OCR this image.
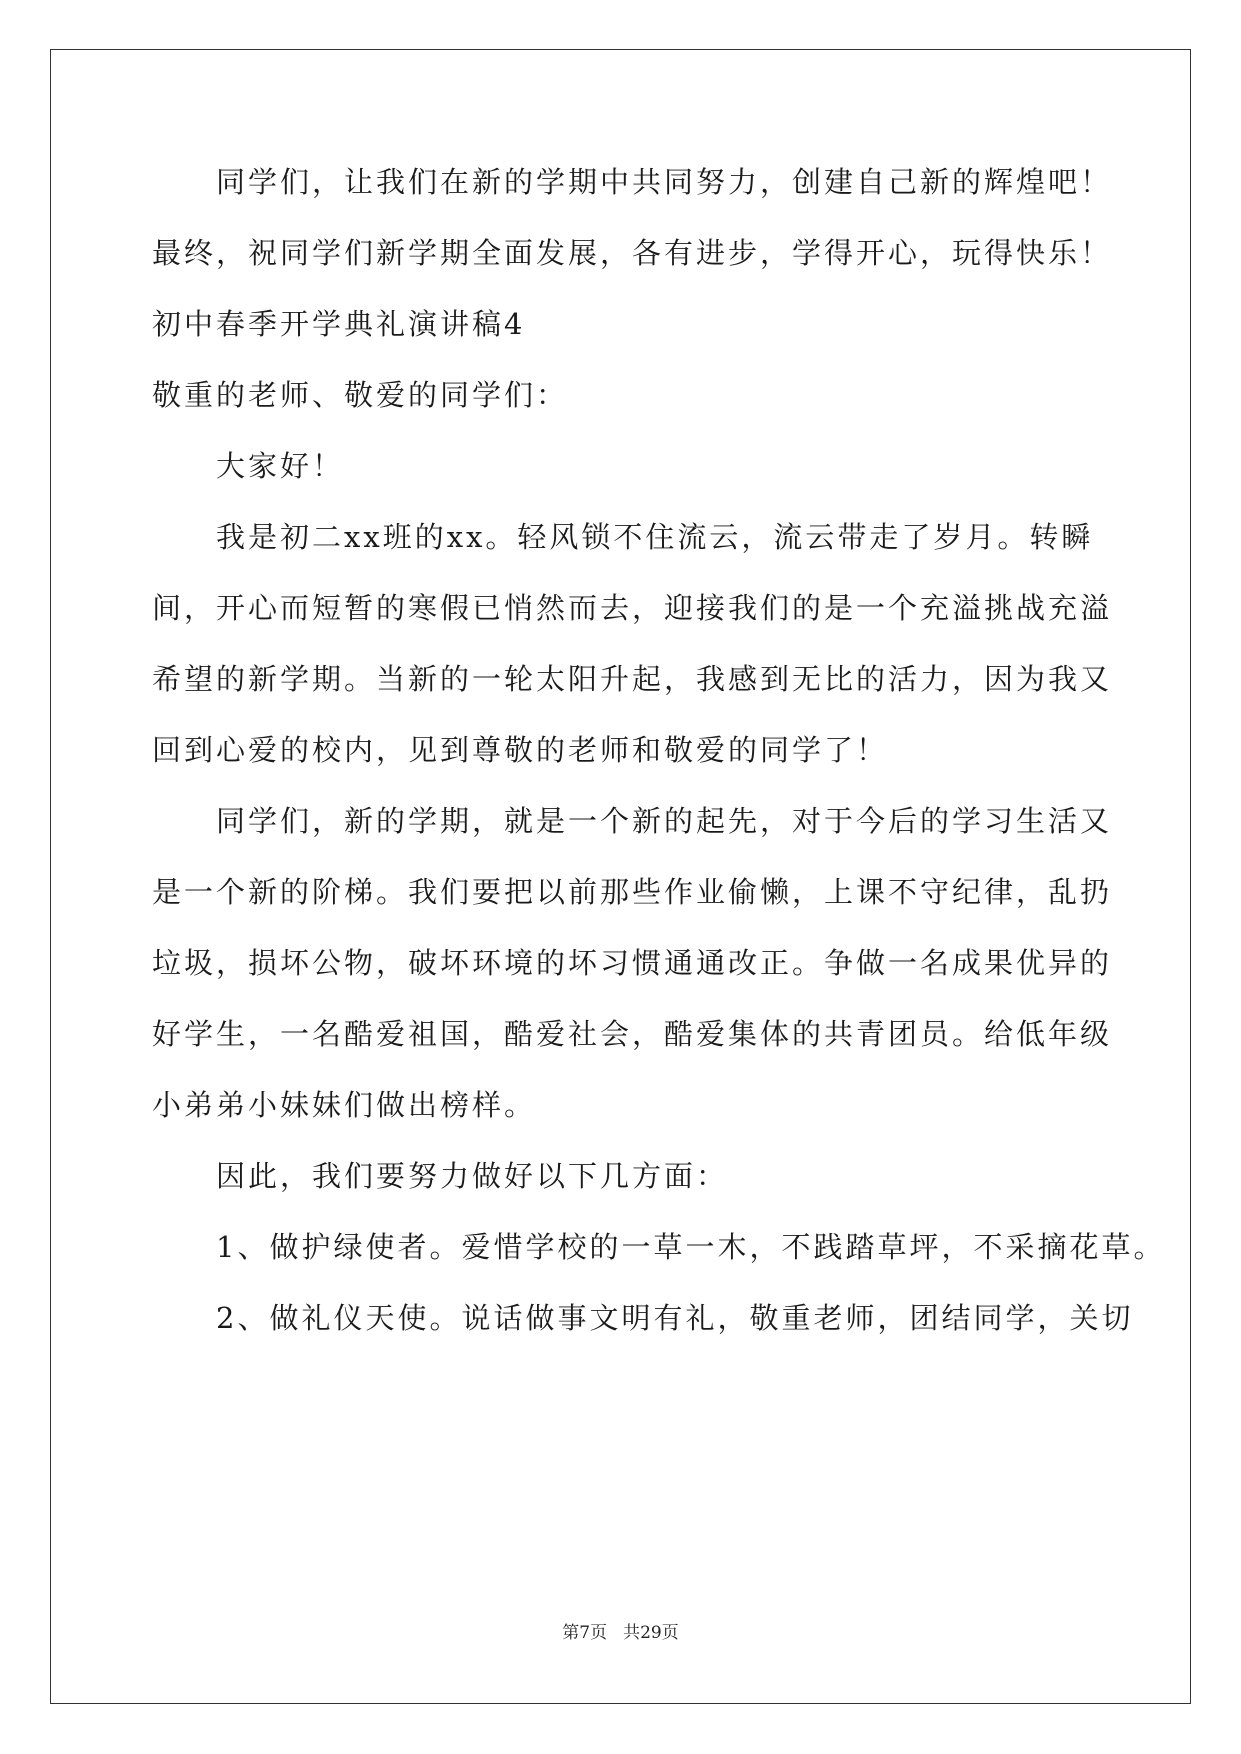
同学们，让我们在新的学期中共同努力，创建自己新的辉煌吧！
最终，祝同学们新学期全面发展，各有进步，学得开心，玩得快乐！
初中春季开学典礼演讲稿4
敬重的老师、敬爱的同学们：
大家好！
我是初二xx班的xx。轻风锁不住流云，流云带走了岁月。转瞬
间，开心而短暂的寒假已悄然而去，迎接我们的是一个充溢挑战充溢
希望的新学期。当新的一轮太阳升起，我感到无比的活力，因为我又
回到心爱的校内，见到尊敬的老师和敬爱的同学了！
同学们，新的学期，就是一个新的起先，对于今后的学习生活又
是一个新的阶梯。我们要把以前那些作业偷懒，上课不守纪律，乱扔
垃圾，损坏公物，破坏环境的坏习惯通通改正。争做一名成果优异的
好学生，一名酷爱祖国，酷爱社会，酷爱集体的共青团员。给低年级
小弟弟小妹妹们做出榜样。
因此，我们要努力做好以下几方面：
1、做护绿使者。爱惜学校的一草一木，不践踏草坪，不采摘花草。
2、做礼仪天使。说话做事文明有礼，敬重老师，团结同学，关切
第7页 共29页
